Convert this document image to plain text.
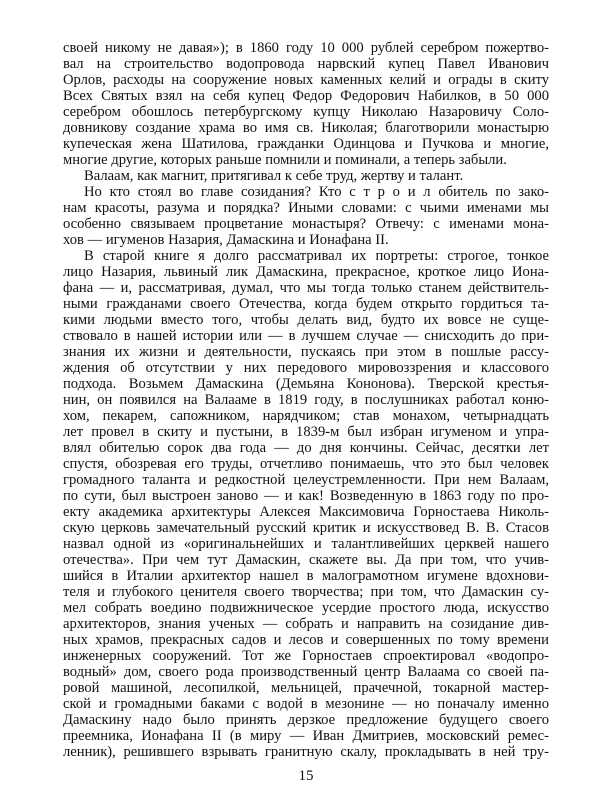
своей никому не давая»); в 1860 году 10 000 рублей серебром пожертво-
вал на строительство водопровода нарвский купец Павел Иванович
Орлов, расходы на сооружение новых каменных келий и ограды в скиту
Всех Святых взял на себя купец Федор Федорович Набилков, в 50 000
серебром обошлось петербургскому купцу Николаю Назаровичу Соло-
довникову создание храма во имя св. Николая; благотворили монастырю
купеческая жена Шатилова, гражданки Одинцова и Пучкова и многие,
многие другие, которых раньше помнили и поминали, а теперь забыли.
Валаам, как магнит, притягивал к себе труд, жертву и талант.
Но кто стоял во главе созидания? Кто с т р о и л обитель по зако-
нам красоты, разума и порядка? Иными словами: с чьими именами мы
особенно связываем процветание монастыря? Отвечу: с именами мона-
хов — игуменов Назария, Дамаскина и Ионафана II.
В старой книге я долго рассматривал их портреты: строгое, тонкое
лицо Назария, львиный лик Дамаскина, прекрасное, кроткое лицо Иона-
фана — и, рассматривая, думал, что мы тогда только станем действитель-
ными гражданами своего Отечества, когда будем открыто гордиться та-
кими людьми вместо того, чтобы делать вид, будто их вовсе не суще-
ствовало в нашей истории или — в лучшем случае — снисходить до при-
знания их жизни и деятельности, пускаясь при этом в пошлые рассу-
ждения об отсутствии у них передового мировоззрения и классового
подхода. Возьмем Дамаскина (Демьяна Кононова). Тверской крестья-
нин, он появился на Валааме в 1819 году, в послушниках работал коню-
хом, пекарем, сапожником, нарядчиком; став монахом, четырнадцать
лет провел в скиту и пустыни, в 1839-м был избран игуменом и упра-
влял обителью сорок два года — до дня кончины. Сейчас, десятки лет
спустя, обозревая его труды, отчетливо понимаешь, что это был человек
громадного таланта и редкостной целеустремленности. При нем Валаам,
по сути, был выстроен заново — и как! Возведенную в 1863 году по про-
екту академика архитектуры Алексея Максимовича Горностаева Николь-
скую церковь замечательный русский критик и искусствовед В. В. Стасов
назвал одной из «оригинальнейших и талантливейших церквей нашего
отечества». При чем тут Дамаскин, скажете вы. Да при том, что учив-
шийся в Италии архитектор нашел в малограмотном игумене вдохнови-
теля и глубокого ценителя своего творчества; при том, что Дамаскин су-
мел собрать воедино подвижническое усердие простого люда, искусство
архитекторов, знания ученых — собрать и направить на созидание див-
ных храмов, прекрасных садов и лесов и совершенных по тому времени
инженерных сооружений. Тот же Горностаев спроектировал «водопро-
водный» дом, своего рода производственный центр Валаама со своей па-
ровой машиной, лесопилкой, мельницей, прачечной, токарной мастер-
ской и громадными баками с водой в мезонине — но поначалу именно
Дамаскину надо было принять дерзкое предложение будущего своего
преемника, Ионафана II (в миру — Иван Дмитриев, московский ремес-
ленник), решившего взрывать гранитную скалу, прокладывать в ней тру-
15
